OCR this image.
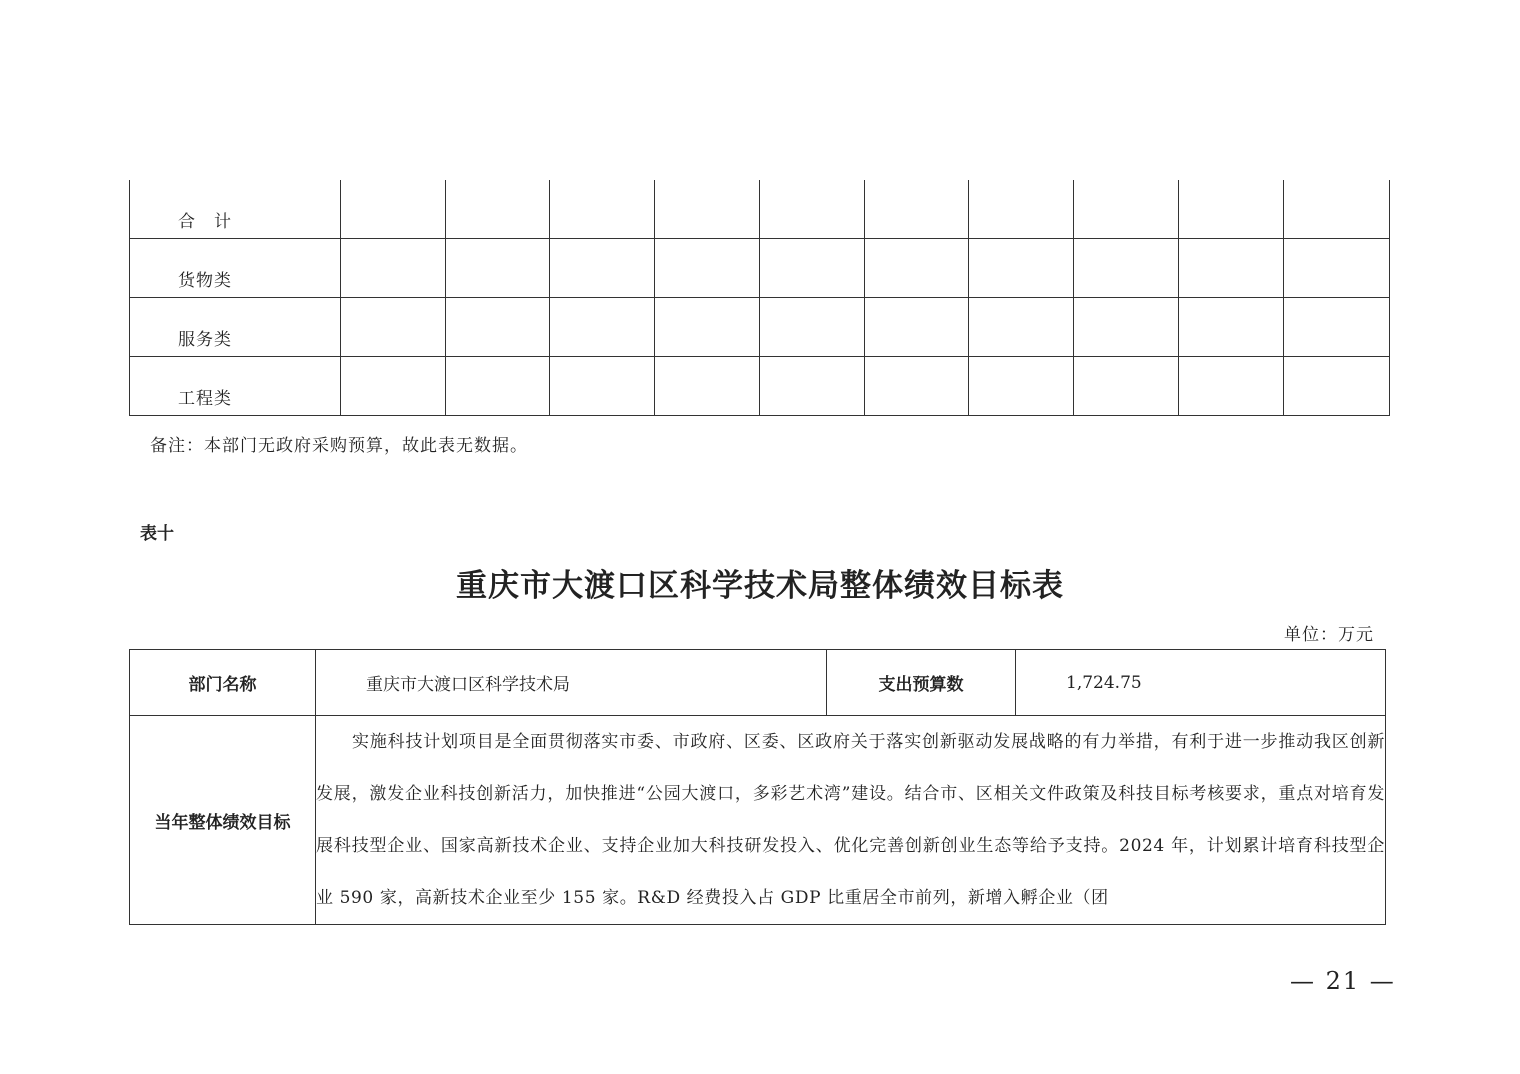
合　计										
货物类										
服务类										
工程类										
备注：本部门无政府采购预算，故此表无数据。
表十
重庆市大渡口区科学技术局整体绩效目标表
单位：万元
部门名称	重庆市大渡口区科学技术局	支出预算数	1,724.75
当年整体绩效目标	实施科技计划项目是全面贯彻落实市委、市政府、区委、区政府关于落实创新驱动发展战略的有力举措，有利于进一步推动我区创新发展，激发企业科技创新活力，加快推进“公园大渡口，多彩艺术湾”建设。结合市、区相关文件政策及科技目标考核要求，重点对培育发展科技型企业、国家高新技术企业、支持企业加大科技研发投入、优化完善创新创业生态等给予支持。2024 年，计划累计培育科技型企业 590 家，高新技术企业至少 155 家。R&D 经费投入占 GDP 比重居全市前列，新增入孵企业（团		
— 21 —
